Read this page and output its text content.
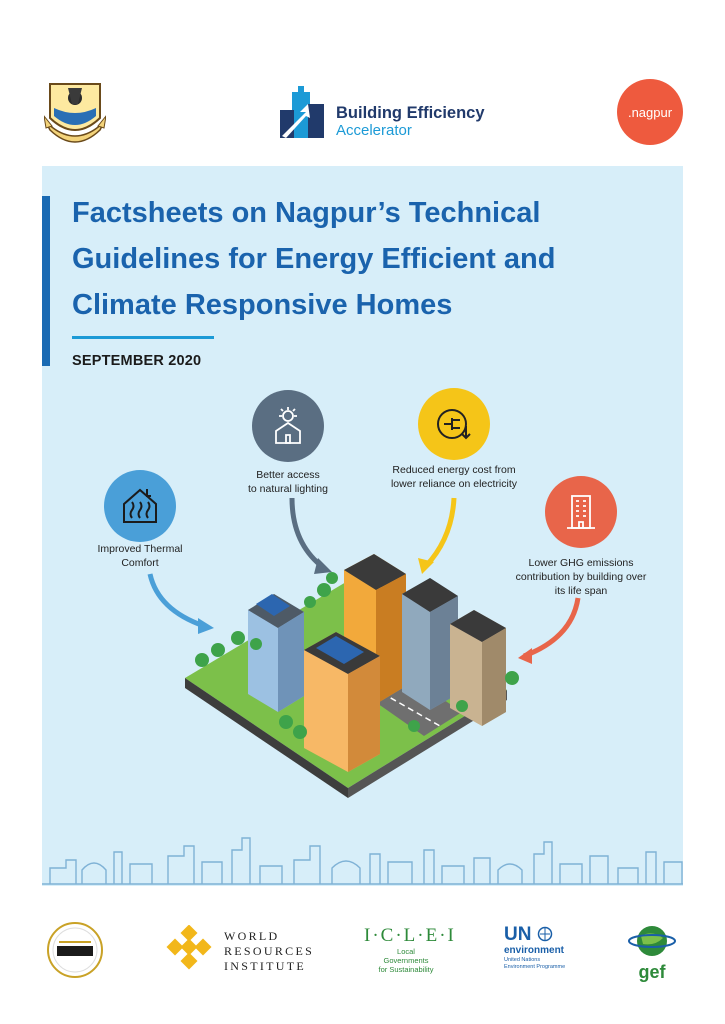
Building Efficiency
Accelerator
.nagpur
Factsheets on Nagpur’s Technical Guidelines for Energy Efficient and Climate Responsive Homes
SEPTEMBER 2020
Better access
to natural lighting
Reduced energy cost from
lower reliance on electricity
Improved Thermal
Comfort	Lower GHG emissions
contribution by building over
its life span
WORLD
RESOURCES
INSTITUTE
I·C·L·E·I
Local
Governments
for Sustainability
UN
environment
United Nations
Environment Programme	gef
